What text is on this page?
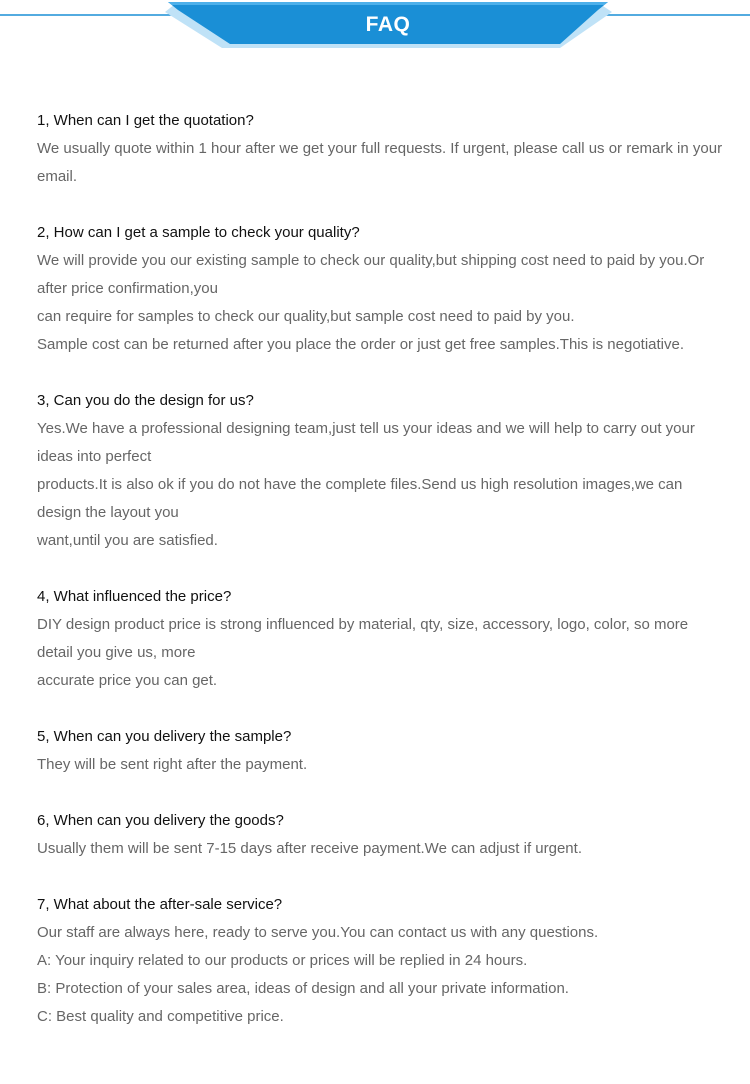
FAQ
1, When can I get the quotation?
We usually quote within 1 hour after we get your full requests. If urgent, please call us or remark in your
email.
2, How can I get a sample to check your quality?
We will provide you our existing sample to check our quality,but shipping cost need to paid by you.Or
after price confirmation,you
can require for samples to check our quality,but sample cost need to paid by you.
Sample cost can be returned after you place the order or just get free samples.This is negotiative.
3, Can you do the design for us?
Yes.We have a professional designing team,just tell us your ideas and we will help to carry out your
ideas into perfect
products.It is also ok if you do not have the complete files.Send us high resolution images,we can
design the layout you
want,until you are satisfied.
4, What influenced the price?
DIY design product price is strong influenced by material, qty, size, accessory, logo, color, so more
detail you give us, more
accurate price you can get.
5, When can you delivery the sample?
They will be sent right after the payment.
6, When can you delivery the goods?
Usually them will be sent 7-15 days after receive payment.We can adjust if urgent.
7, What about the after-sale service?
Our staff are always here, ready to serve you.You can contact us with any questions.
A: Your inquiry related to our products or prices will be replied in 24 hours.
B: Protection of your sales area, ideas of design and all your private information.
C: Best quality and competitive price.
